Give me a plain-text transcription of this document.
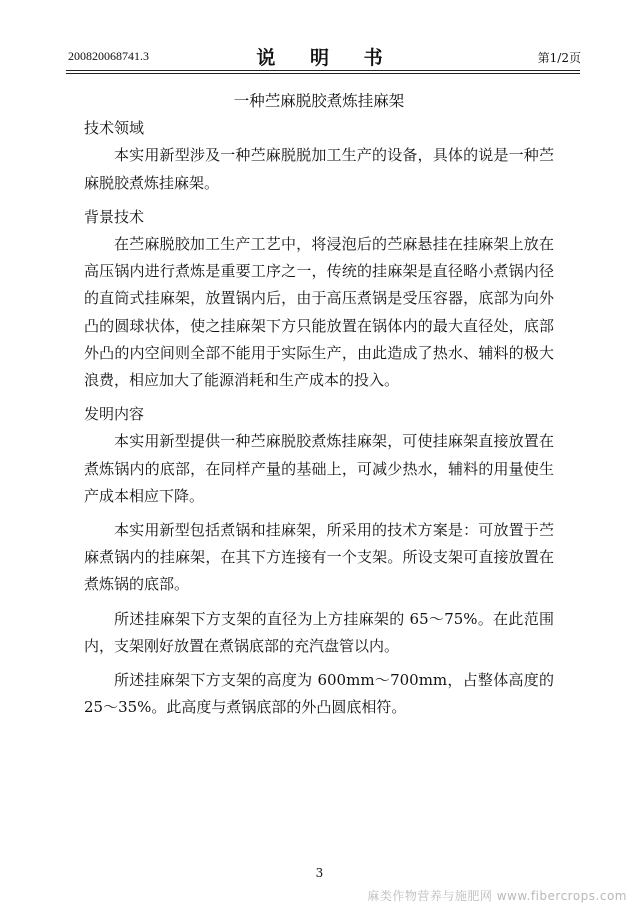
200820068741.3	说 明 书	第1/2页

一种苎麻脱胶煮炼挂麻架

技术领域

本实用新型涉及一种苎麻脱脱加工生产的设备，具体的说是一种苎麻脱胶煮炼挂麻架。

背景技术

在苎麻脱胶加工生产工艺中，将浸泡后的苎麻悬挂在挂麻架上放在高压锅内进行煮炼是重要工序之一，传统的挂麻架是直径略小煮锅内径的直筒式挂麻架，放置锅内后，由于高压煮锅是受压容器，底部为向外凸的圆球状体，使之挂麻架下方只能放置在锅体内的最大直径处，底部外凸的内空间则全部不能用于实际生产，由此造成了热水、辅料的极大浪费，相应加大了能源消耗和生产成本的投入。

发明内容

本实用新型提供一种苎麻脱胶煮炼挂麻架，可使挂麻架直接放置在煮炼锅内的底部，在同样产量的基础上，可减少热水，辅料的用量使生产成本相应下降。

本实用新型包括煮锅和挂麻架，所采用的技术方案是：可放置于苎麻煮锅内的挂麻架，在其下方连接有一个支架。所设支架可直接放置在煮炼锅的底部。

所述挂麻架下方支架的直径为上方挂麻架的 65～75%。在此范围内，支架刚好放置在煮锅底部的充汽盘管以内。

所述挂麻架下方支架的高度为 600mm～700mm，占整体高度的 25～35%。此高度与煮锅底部的外凸圆底相符。

3
麻类作物营养与施肥网 www.fibercrops.com
